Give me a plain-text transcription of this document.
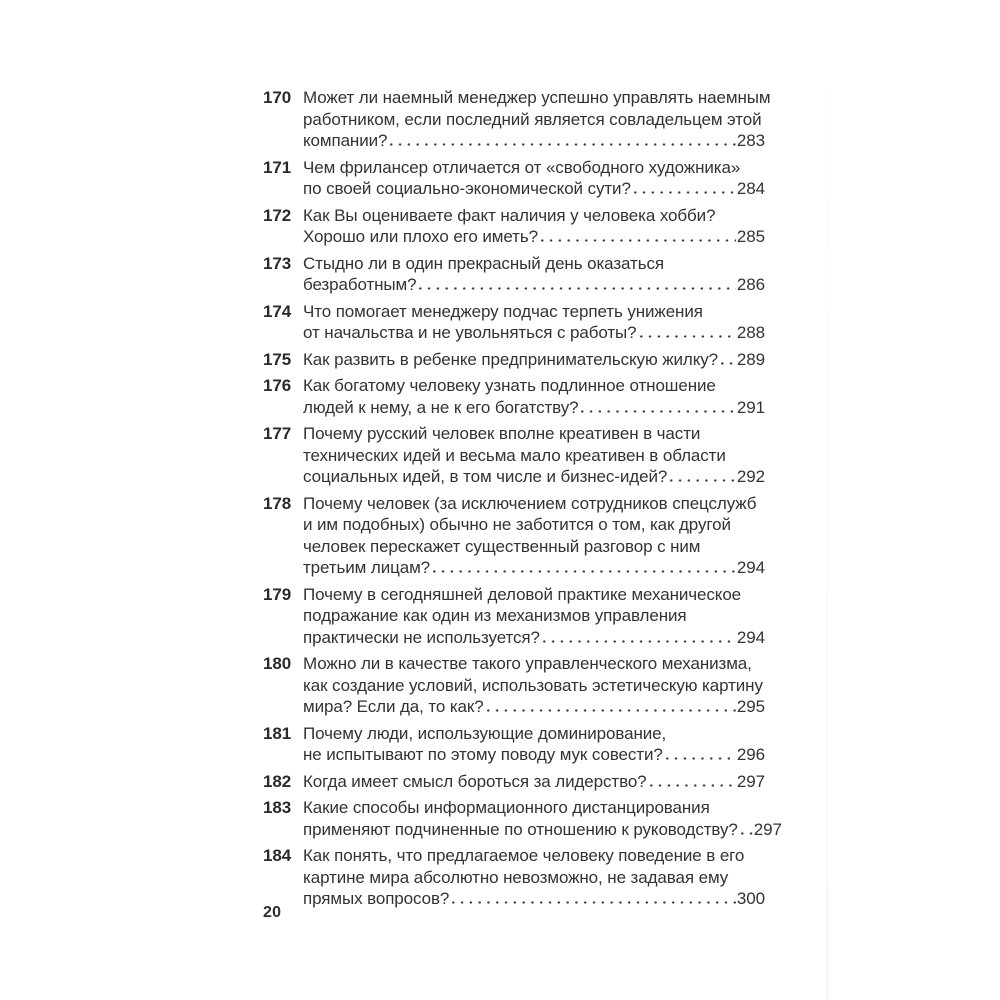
170 Может ли наемный менеджер успешно управлять наемным
работником, если последний является совладельцем этой
компании?	283
171 Чем фрилансер отличается от «свободного художника»
по своей социально-экономической сути?	284
172 Как Вы оцениваете факт наличия у человека хобби?
Хорошо или плохо его иметь?	285
173 Стыдно ли в один прекрасный день оказаться
безработным?	286
174 Что помогает менеджеру подчас терпеть унижения
от начальства и не увольняться с работы?	288
175 Как развить в ребенке предпринимательскую жилку? 289
176 Как богатому человеку узнать подлинное отношение
людей к нему, а не к его богатству?	291
177 Почему русский человек вполне креативен в части
технических идей и весьма мало креативен в области
социальных идей, в том числе и бизнес-идей?	292
178 Почему человек (за исключением сотрудников спецслужб
и им подобных) обычно не заботится о том, как другой
человек перескажет существенный разговор с ним
третьим лицам?	294
179 Почему в сегодняшней деловой практике механическое
подражание как один из механизмов управления
практически не используется?	294
180 Можно ли в качестве такого управленческого механизма,
как создание условий, использовать эстетическую картину
мира? Если да, то как?	295
181 Почему люди, использующие доминирование,
не испытывают по этому поводу мук совести?	296
182 Когда имеет смысл бороться за лидерство?	297
183 Какие способы информационного дистанцирования
применяют подчиненные по отношению к руководству? 297
184 Как понять, что предлагаемое человеку поведение в его
картине мира абсолютно невозможно, не задавая ему
прямых вопросов?	300
20
